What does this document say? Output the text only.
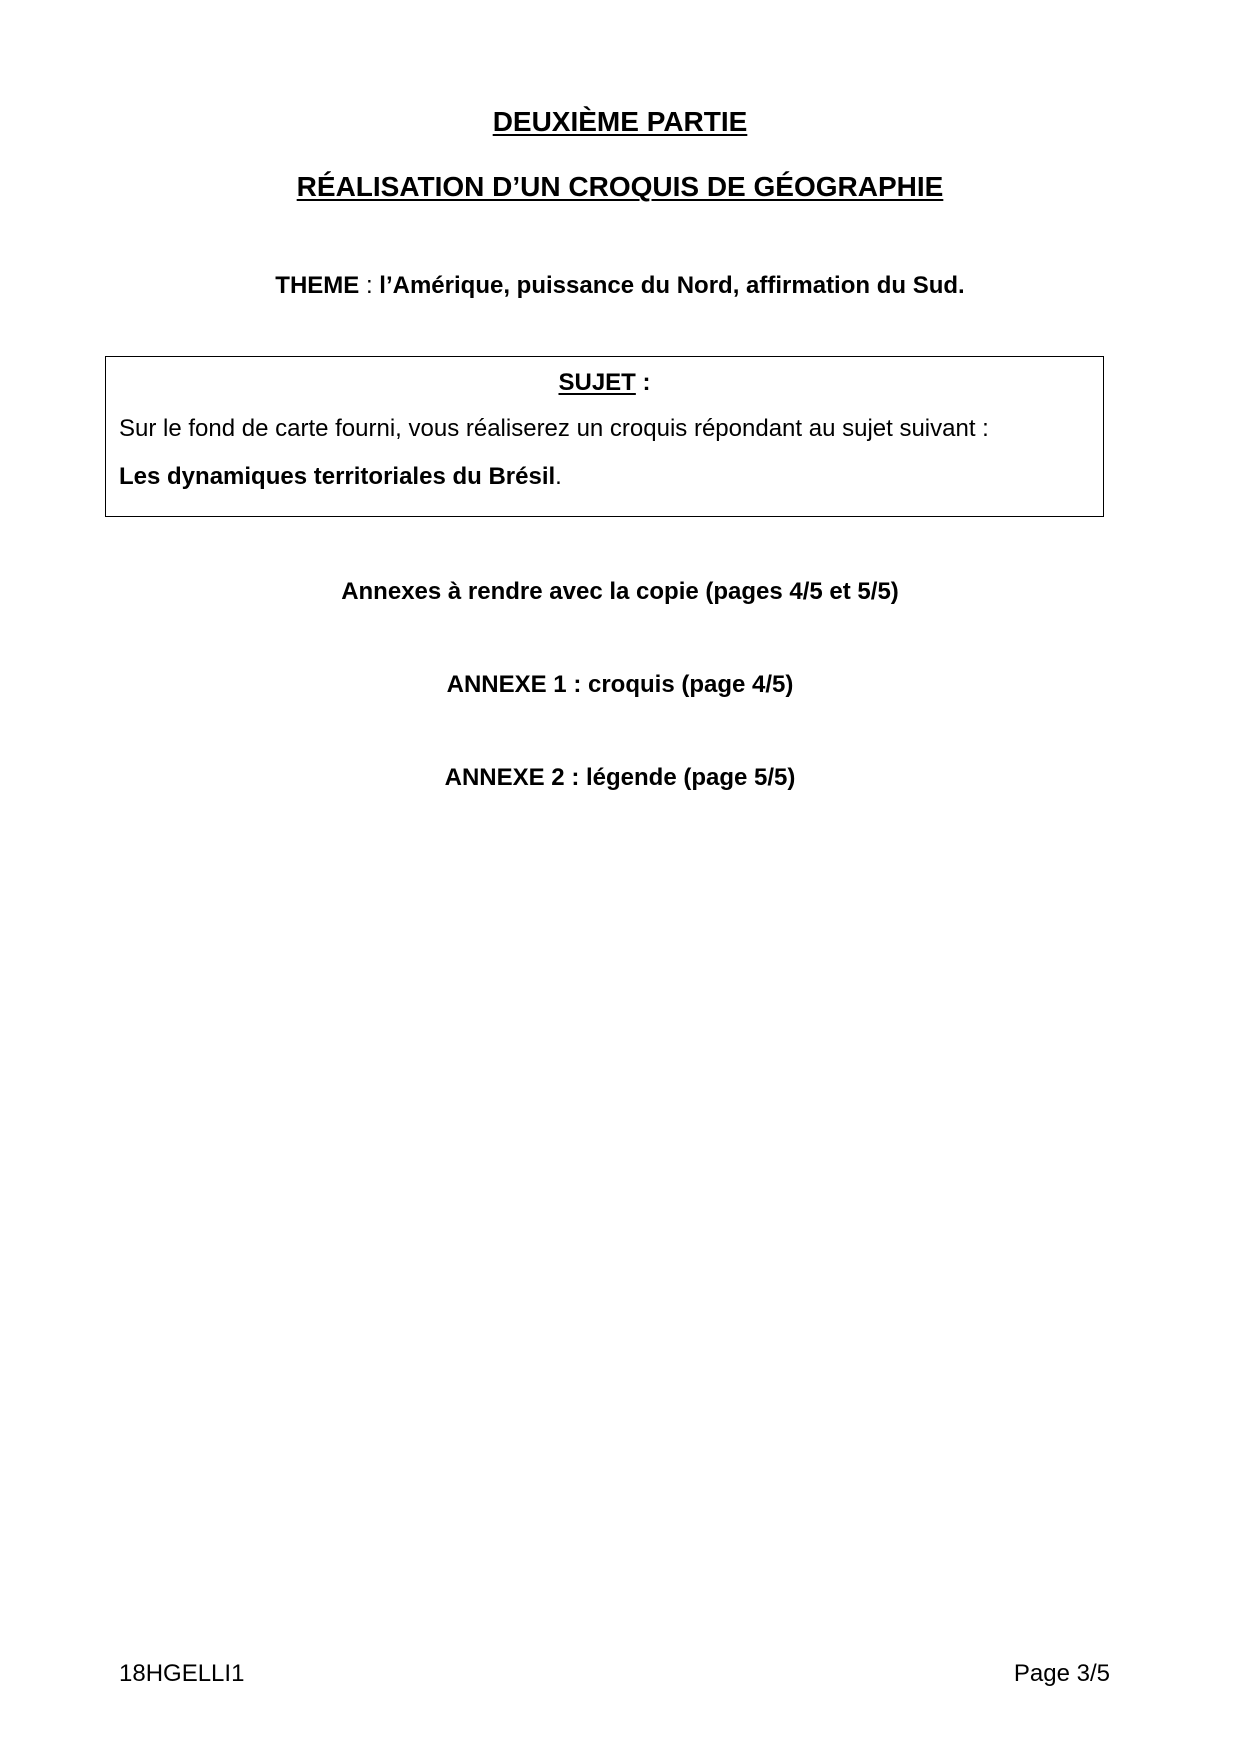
DEUXIÈME PARTIE
RÉALISATION D’UN CROQUIS DE GÉOGRAPHIE
THEME : l’Amérique, puissance du Nord, affirmation du Sud.
SUJET :
Sur le fond de carte fourni, vous réaliserez un croquis répondant au sujet suivant :
Les dynamiques territoriales du Brésil.
Annexes à rendre avec la copie (pages 4/5 et 5/5)
ANNEXE 1 : croquis (page 4/5)
ANNEXE 2 : légende (page 5/5)
18HGELLI1	Page 3/5
